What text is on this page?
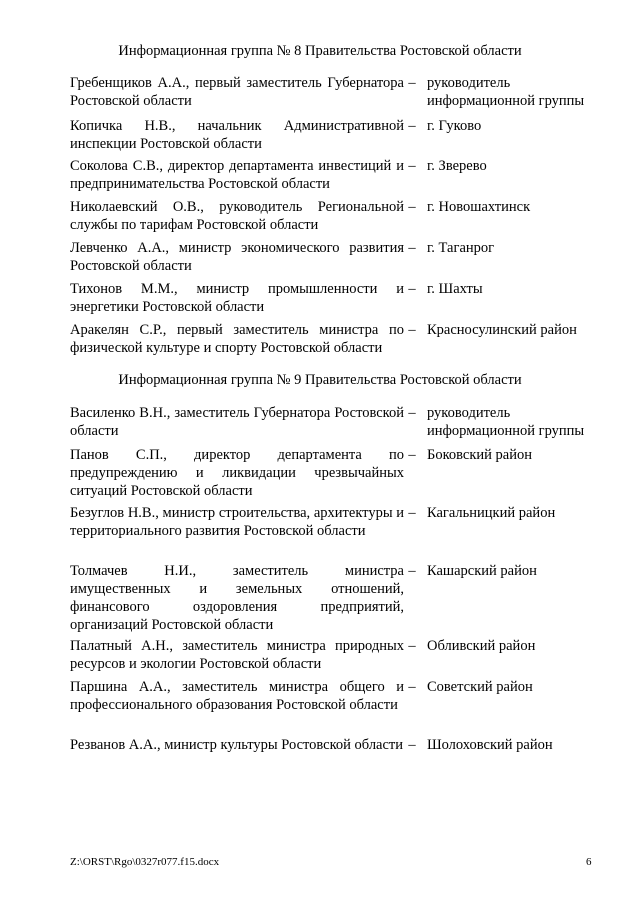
Информационная группа № 8 Правительства Ростовской области
Гребенщиков А.А., первый заместитель Губернатора Ростовской области
– руководитель информационной группы
Копичка Н.В., начальник Административной инспекции Ростовской области
– г. Гуково
Соколова С.В., директор департамента инвестиций и предпринимательства Ростовской области
– г. Зверево
Николаевский О.В., руководитель Региональной службы по тарифам Ростовской области
– г. Новошахтинск
Левченко А.А., министр экономического развития Ростовской области
– г. Таганрог
Тихонов М.М., министр промышленности и энергетики Ростовской области
– г. Шахты
Аракелян С.Р., первый заместитель министра по физической культуре и спорту Ростовской области
– Красносулинский район
Информационная группа № 9 Правительства Ростовской области
Василенко В.Н., заместитель Губернатора Ростовской области
– руководитель информационной группы
Панов С.П., директор департамента по предупреждению и ликвидации чрезвычайных ситуаций Ростовской области
– Боковский район
Безуглов Н.В., министр строительства, архитектуры и территориального развития Ростовской области
– Кагальницкий район
Толмачев Н.И., заместитель министра имущественных и земельных отношений, финансового оздоровления предприятий, организаций Ростовской области
– Кашарский район
Палатный А.Н., заместитель министра природных ресурсов и экологии Ростовской области
– Обливский район
Паршина А.А., заместитель министра общего и профессионального образования Ростовской области
– Советский район
Резванов А.А., министр культуры Ростовской области – Шолоховский район
Z:\ORST\Rgo\0327r077.f15.docx	6
